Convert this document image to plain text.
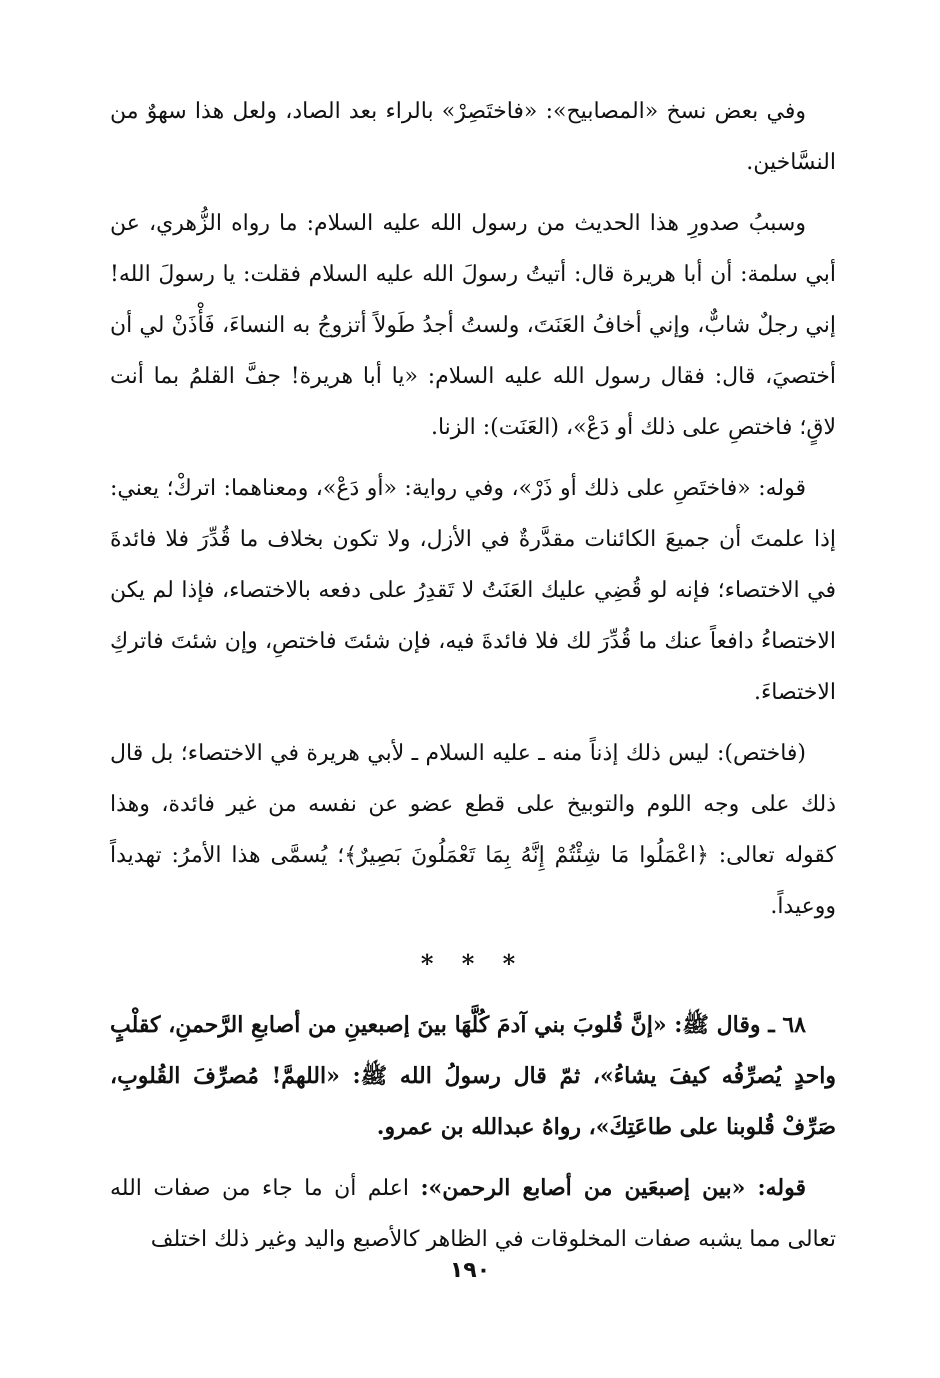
وفي بعض نسخ «المصابيح»: «فاختَصِرْ» بالراء بعد الصاد، ولعل هذا سهوٌ من النسَّاخين.

وسببُ صدورِ هذا الحديث من رسول الله عليه السلام: ما رواه الزُّهري، عن أبي سلمة: أن أبا هريرة قال: أتيتُ رسولَ الله عليه السلام فقلت: يا رسولَ الله! إني رجلٌ شابٌّ، وإني أخافُ العَنَتَ، ولستُ أجدُ طَولاً أتزوجُ به النساءَ، فَأْذَنْ لي أن أختصيَ، قال: فقال رسول الله عليه السلام: «يا أبا هريرة! جفَّ القلمُ بما أنت لاقٍ؛ فاختصِ على ذلك أو دَعْ»، (العَنَت): الزنا.

قوله: «فاختَصِ على ذلك أو ذَرْ»، وفي رواية: «أو دَعْ»، ومعناهما: اتركْ؛ يعني: إذا علمتَ أن جميعَ الكائنات مقدَّرةٌ في الأزل، ولا تكون بخلاف ما قُدِّرَ فلا فائدةَ في الاختصاء؛ فإنه لو قُضِي عليك العَنَتُ لا تَقدِرُ على دفعه بالاختصاء، فإذا لم يكن الاختصاءُ دافعاً عنك ما قُدِّرَ لك فلا فائدةَ فيه، فإن شئتَ فاختصِ، وإن شئتَ فاتركِ الاختصاءَ.

(فاختص): ليس ذلك إذناً منه ـ عليه السلام ـ لأبي هريرة في الاختصاء؛ بل قال ذلك على وجه اللوم والتوبيخ على قطع عضو عن نفسه من غير فائدة، وهذا كقوله تعالى: ﴿اعْمَلُوا مَا شِئْتُمْ إِنَّهُ بِمَا تَعْمَلُونَ بَصِيرٌ﴾؛ يُسمَّى هذا الأمرُ: تهديداً ووعيداً.

* * *

٦٨ ـ وقال ﷺ: «إنَّ قُلوبَ بني آدمَ كُلَّهَا بينَ إصبعينِ من أصابعِ الرَّحمنِ، كقلْبٍ واحدٍ يُصرِّفُه كيفَ يشاءُ»، ثمّ قال رسولُ الله ﷺ: «اللهمَّ! مُصرِّفَ القُلوبِ، صَرِّفْ قُلوبنا على طاعَتِكَ»، رواهُ عبدالله بن عمرو.

قوله: «بين إصبعَين من أصابع الرحمن»: اعلم أن ما جاء من صفات الله تعالى مما يشبه صفات المخلوقات في الظاهر كالأصبع واليد وغير ذلك اختلف

١٩٠
